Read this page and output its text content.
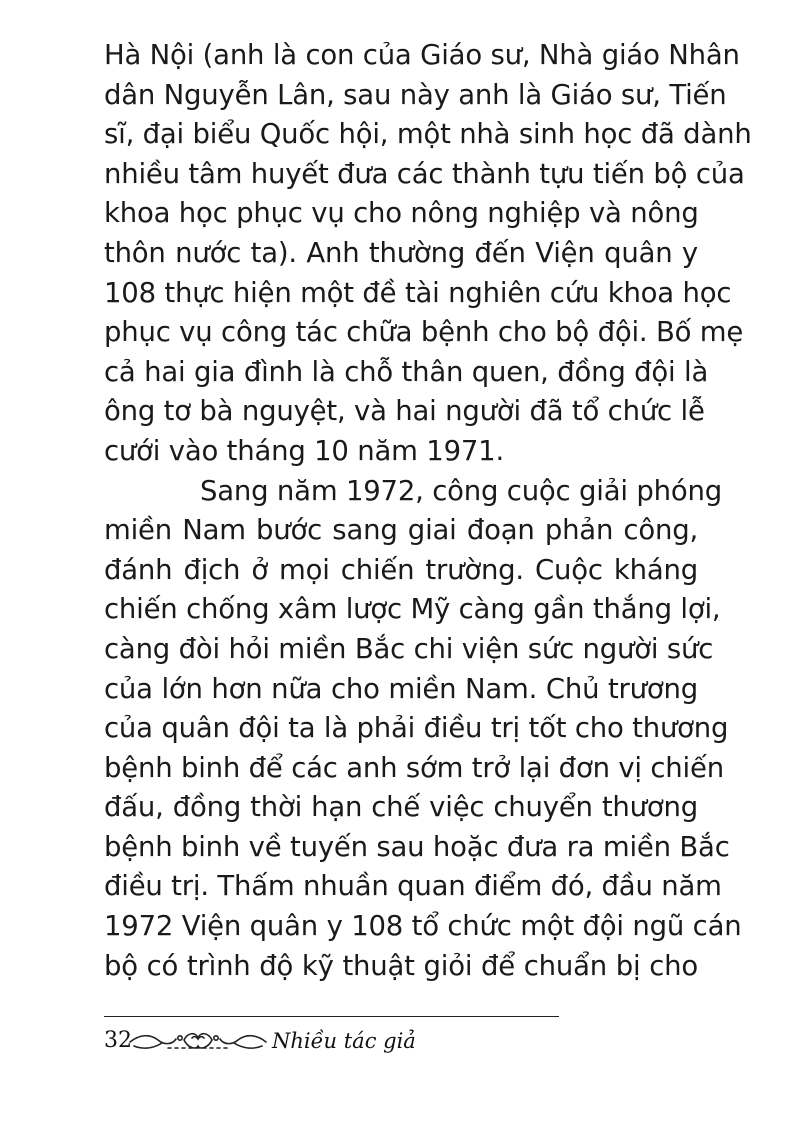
Hà Nội (anh là con của Giáo sư, Nhà giáo Nhân
dân Nguyễn Lân, sau này anh là Giáo sư, Tiến
sĩ, đại biểu Quốc hội, một nhà sinh học đã dành
nhiều tâm huyết đưa các thành tựu tiến bộ của
khoa học phục vụ cho nông nghiệp và nông
thôn nước ta). Anh thường đến Viện quân y
108 thực hiện một đề tài nghiên cứu khoa học
phục vụ công tác chữa bệnh cho bộ đội. Bố mẹ
cả hai gia đình là chỗ thân quen, đồng đội là
ông tơ bà nguyệt, và hai người đã tổ chức lễ
cưới vào tháng 10 năm 1971.
Sang năm 1972, công cuộc giải phóng
miền Nam bước sang giai đoạn phản công,
đánh địch ở mọi chiến trường. Cuộc kháng
chiến chống xâm lược Mỹ càng gần thắng lợi,
càng đòi hỏi miền Bắc chi viện sức người sức
của lớn hơn nữa cho miền Nam. Chủ trương
của quân đội ta là phải điều trị tốt cho thương
bệnh binh để các anh sớm trở lại đơn vị chiến
đấu, đồng thời hạn chế việc chuyển thương
bệnh binh về tuyến sau hoặc đưa ra miền Bắc
điều trị. Thấm nhuần quan điểm đó, đầu năm
1972 Viện quân y 108 tổ chức một đội ngũ cán
bộ có trình độ kỹ thuật giỏi để chuẩn bị cho
32	Nhiều tác giả
